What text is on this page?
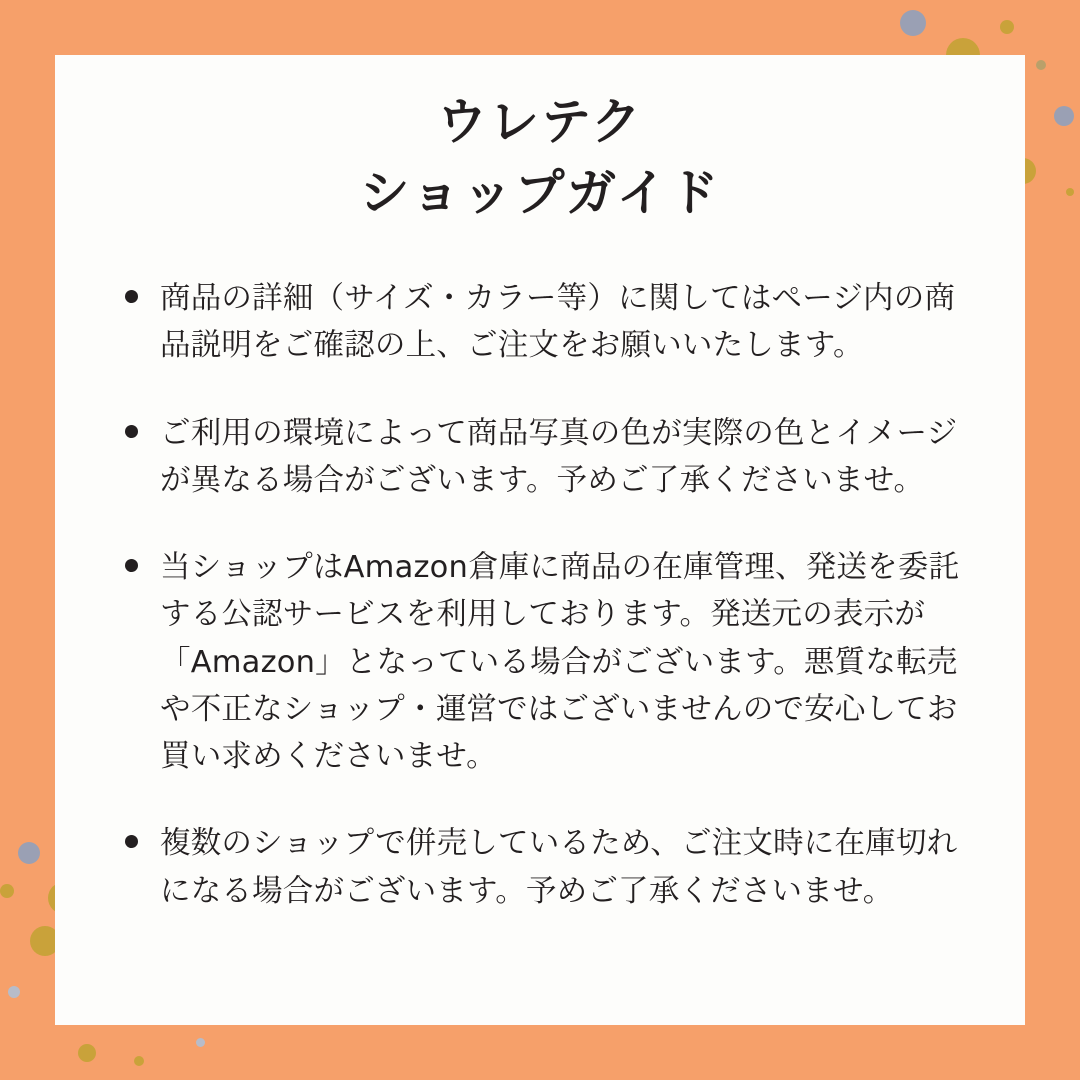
ウレテク
ショップガイド
商品の詳細（サイズ・カラー等）に関してはページ内の商品説明をご確認の上、ご注文をお願いいたします。
ご利用の環境によって商品写真の色が実際の色とイメージが異なる場合がございます。予めご了承くださいませ。
当ショップはAmazon倉庫に商品の在庫管理、発送を委託する公認サービスを利用しております。発送元の表示が「Amazon」となっている場合がございます。悪質な転売や不正なショップ・運営ではございませんので安心してお買い求めくださいませ。
複数のショップで併売しているため、ご注文時に在庫切れになる場合がございます。予めご了承くださいませ。
